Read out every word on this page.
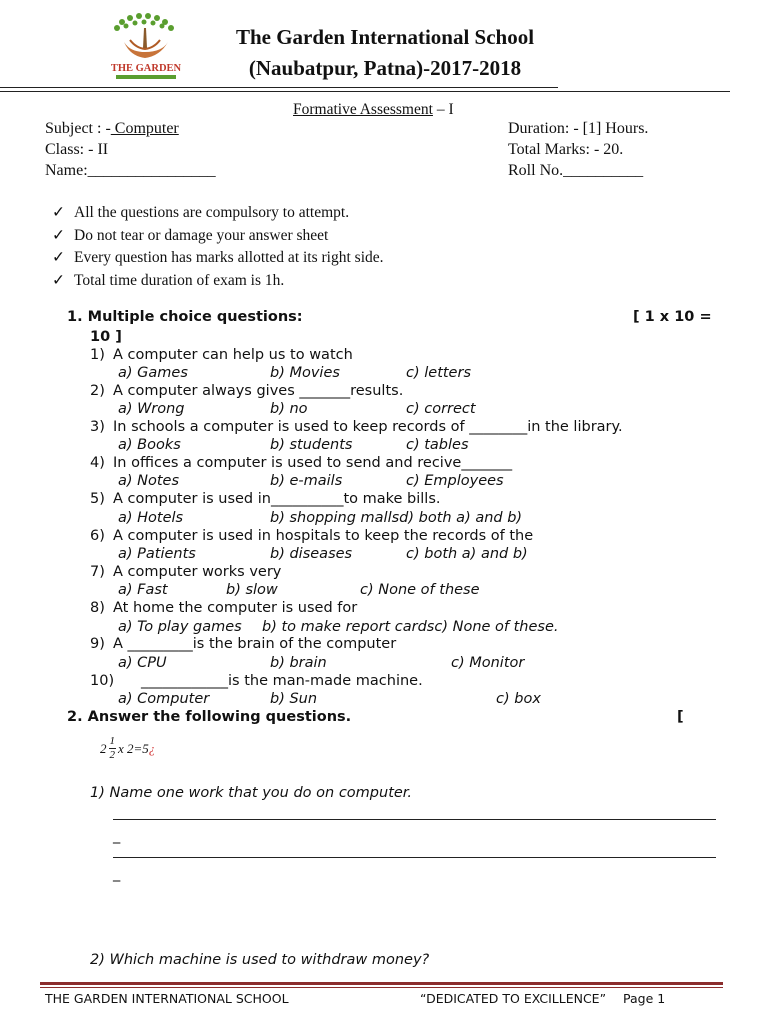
THE GARDEN
The Garden International School
(Naubatpur, Patna)-2017-2018
Formative Assessment – I
Subject : - Computer
Class: - II
Name:________________
Duration: - [1] Hours.
Total Marks: - 20.
Roll No.__________
✓ All the questions are compulsory to attempt.
✓ Do not tear or damage your answer sheet
✓ Every question has marks allotted at its right side.
✓ Total time duration of exam is 1h.
1. Multiple choice questions:	[ 1 x 10 =
10 ]
1) A computer can help us to watch
a) Games	b) Movies	c) letters
2) A computer always gives _______results.
a) Wrong	b) no	c) correct
3) In schools a computer is used to keep records of ________in the library.
a) Books	b) students	c) tables
4) In offices a computer is used to send and recive_______
a) Notes	b) e-mails	c) Employees
5) A computer is used in__________to make bills.
a) Hotels	b) shopping mallsd) both a) and b)
6) A computer is used in hospitals to keep the records of the
a) Patients	b) diseases	c) both a) and b)
7) A computer works very
a) Fast	b) slow	c) None of these
8) At home the computer is used for
a) To play games b) to make report cardsc) None of these.
9) A _________is the brain of the computer
a) CPU	b) brain	c) Monitor
10) ____________is the man-made machine.
a) Computer	b) Sun	c) box
2. Answer the following questions.	[
$2 \frac{1}{2}$ x 2=5¿
1) Name one work that you do on computer.
_
_
2) Which machine is used to withdraw money?
THE GARDEN INTERNATIONAL SCHOOL	“DEDICATED TO EXCILLENCE” Page 1
